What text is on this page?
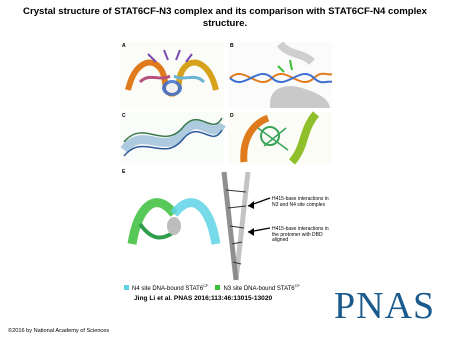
Crystal structure of STAT6CF-N3 complex and its comparison with STAT6CF-N4 complex structure.
A	B
C	D
E
H415-base interactions in N3 and N4 site complex
H415-base interactions in the protomer with DBD aligned
N4 site DNA-bound $STAT6^{CF}$
N3 site DNA-bound $STAT6^{CF}$
Jing Li et al. PNAS 2016;113:46:13015-13020 PNAS
©2016 by National Academy of Sciences
